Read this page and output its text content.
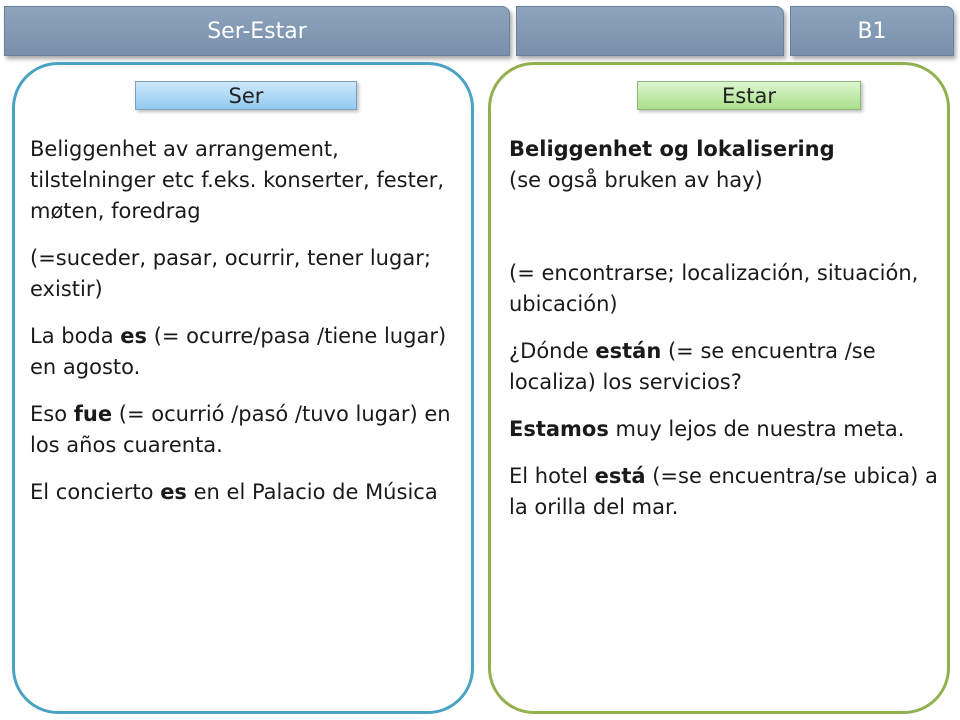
Ser-Estar	B1
Ser	Estar

Beliggenhet av arrangement, tilstelninger etc f.eks. konserter, fester, møten, foredrag

(=suceder, pasar, ocurrir, tener lugar; existir)

La boda es (= ocurre/pasa /tiene lugar) en agosto.

Eso fue (= ocurrió /pasó /tuvo lugar) en los años cuarenta.

El concierto es en el Palacio de Música

Beliggenhet og lokalisering

(se også bruken av hay)

(= encontrarse; localización, situación, ubicación)

¿Dónde están (= se encuentra /se localiza) los servicios?

Estamos muy lejos de nuestra meta.

El hotel está (=se encuentra/se ubica) a la orilla del mar.
